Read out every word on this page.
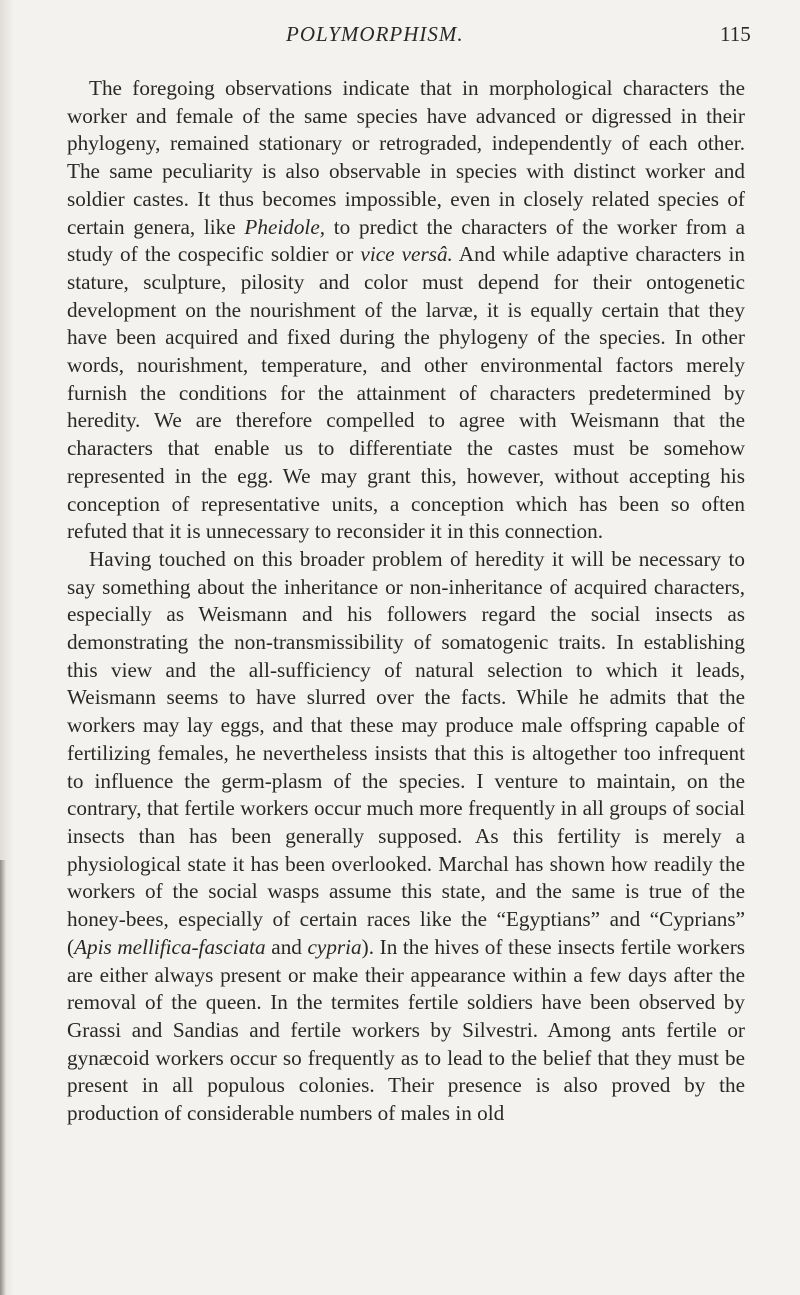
POLYMORPHISM.	115

The foregoing observations indicate that in morphological characters the worker and female of the same species have advanced or digressed in their phylogeny, remained stationary or retrograded, independently of each other. The same peculiarity is also observable in species with distinct worker and soldier castes. It thus becomes impossible, even in closely related species of certain genera, like Pheidole, to predict the characters of the worker from a study of the cospecific soldier or vice versâ. And while adaptive characters in stature, sculpture, pilosity and color must depend for their ontogenetic development on the nourishment of the larvæ, it is equally certain that they have been acquired and fixed during the phylogeny of the species. In other words, nourishment, temperature, and other environmental factors merely furnish the conditions for the attainment of characters predetermined by heredity. We are therefore compelled to agree with Weismann that the characters that enable us to differentiate the castes must be somehow represented in the egg. We may grant this, however, without accepting his conception of representative units, a conception which has been so often refuted that it is unnecessary to reconsider it in this connection.

Having touched on this broader problem of heredity it will be necessary to say something about the inheritance or non-inheritance of acquired characters, especially as Weismann and his followers regard the social insects as demonstrating the non-transmissibility of somatogenic traits. In establishing this view and the all-sufficiency of natural selection to which it leads, Weismann seems to have slurred over the facts. While he admits that the workers may lay eggs, and that these may produce male offspring capable of fertilizing females, he nevertheless insists that this is altogether too infrequent to influence the germ-plasm of the species. I venture to maintain, on the contrary, that fertile workers occur much more frequently in all groups of social insects than has been generally supposed. As this fertility is merely a physiological state it has been overlooked. Marchal has shown how readily the workers of the social wasps assume this state, and the same is true of the honey-bees, especially of certain races like the “Egyptians” and “Cyprians” (Apis mellifica-fasciata and cypria). In the hives of these insects fertile workers are either always present or make their appearance within a few days after the removal of the queen. In the termites fertile soldiers have been observed by Grassi and Sandias and fertile workers by Silvestri. Among ants fertile or gynæcoid workers occur so frequently as to lead to the belief that they must be present in all populous colonies. Their presence is also proved by the production of considerable numbers of males in old
